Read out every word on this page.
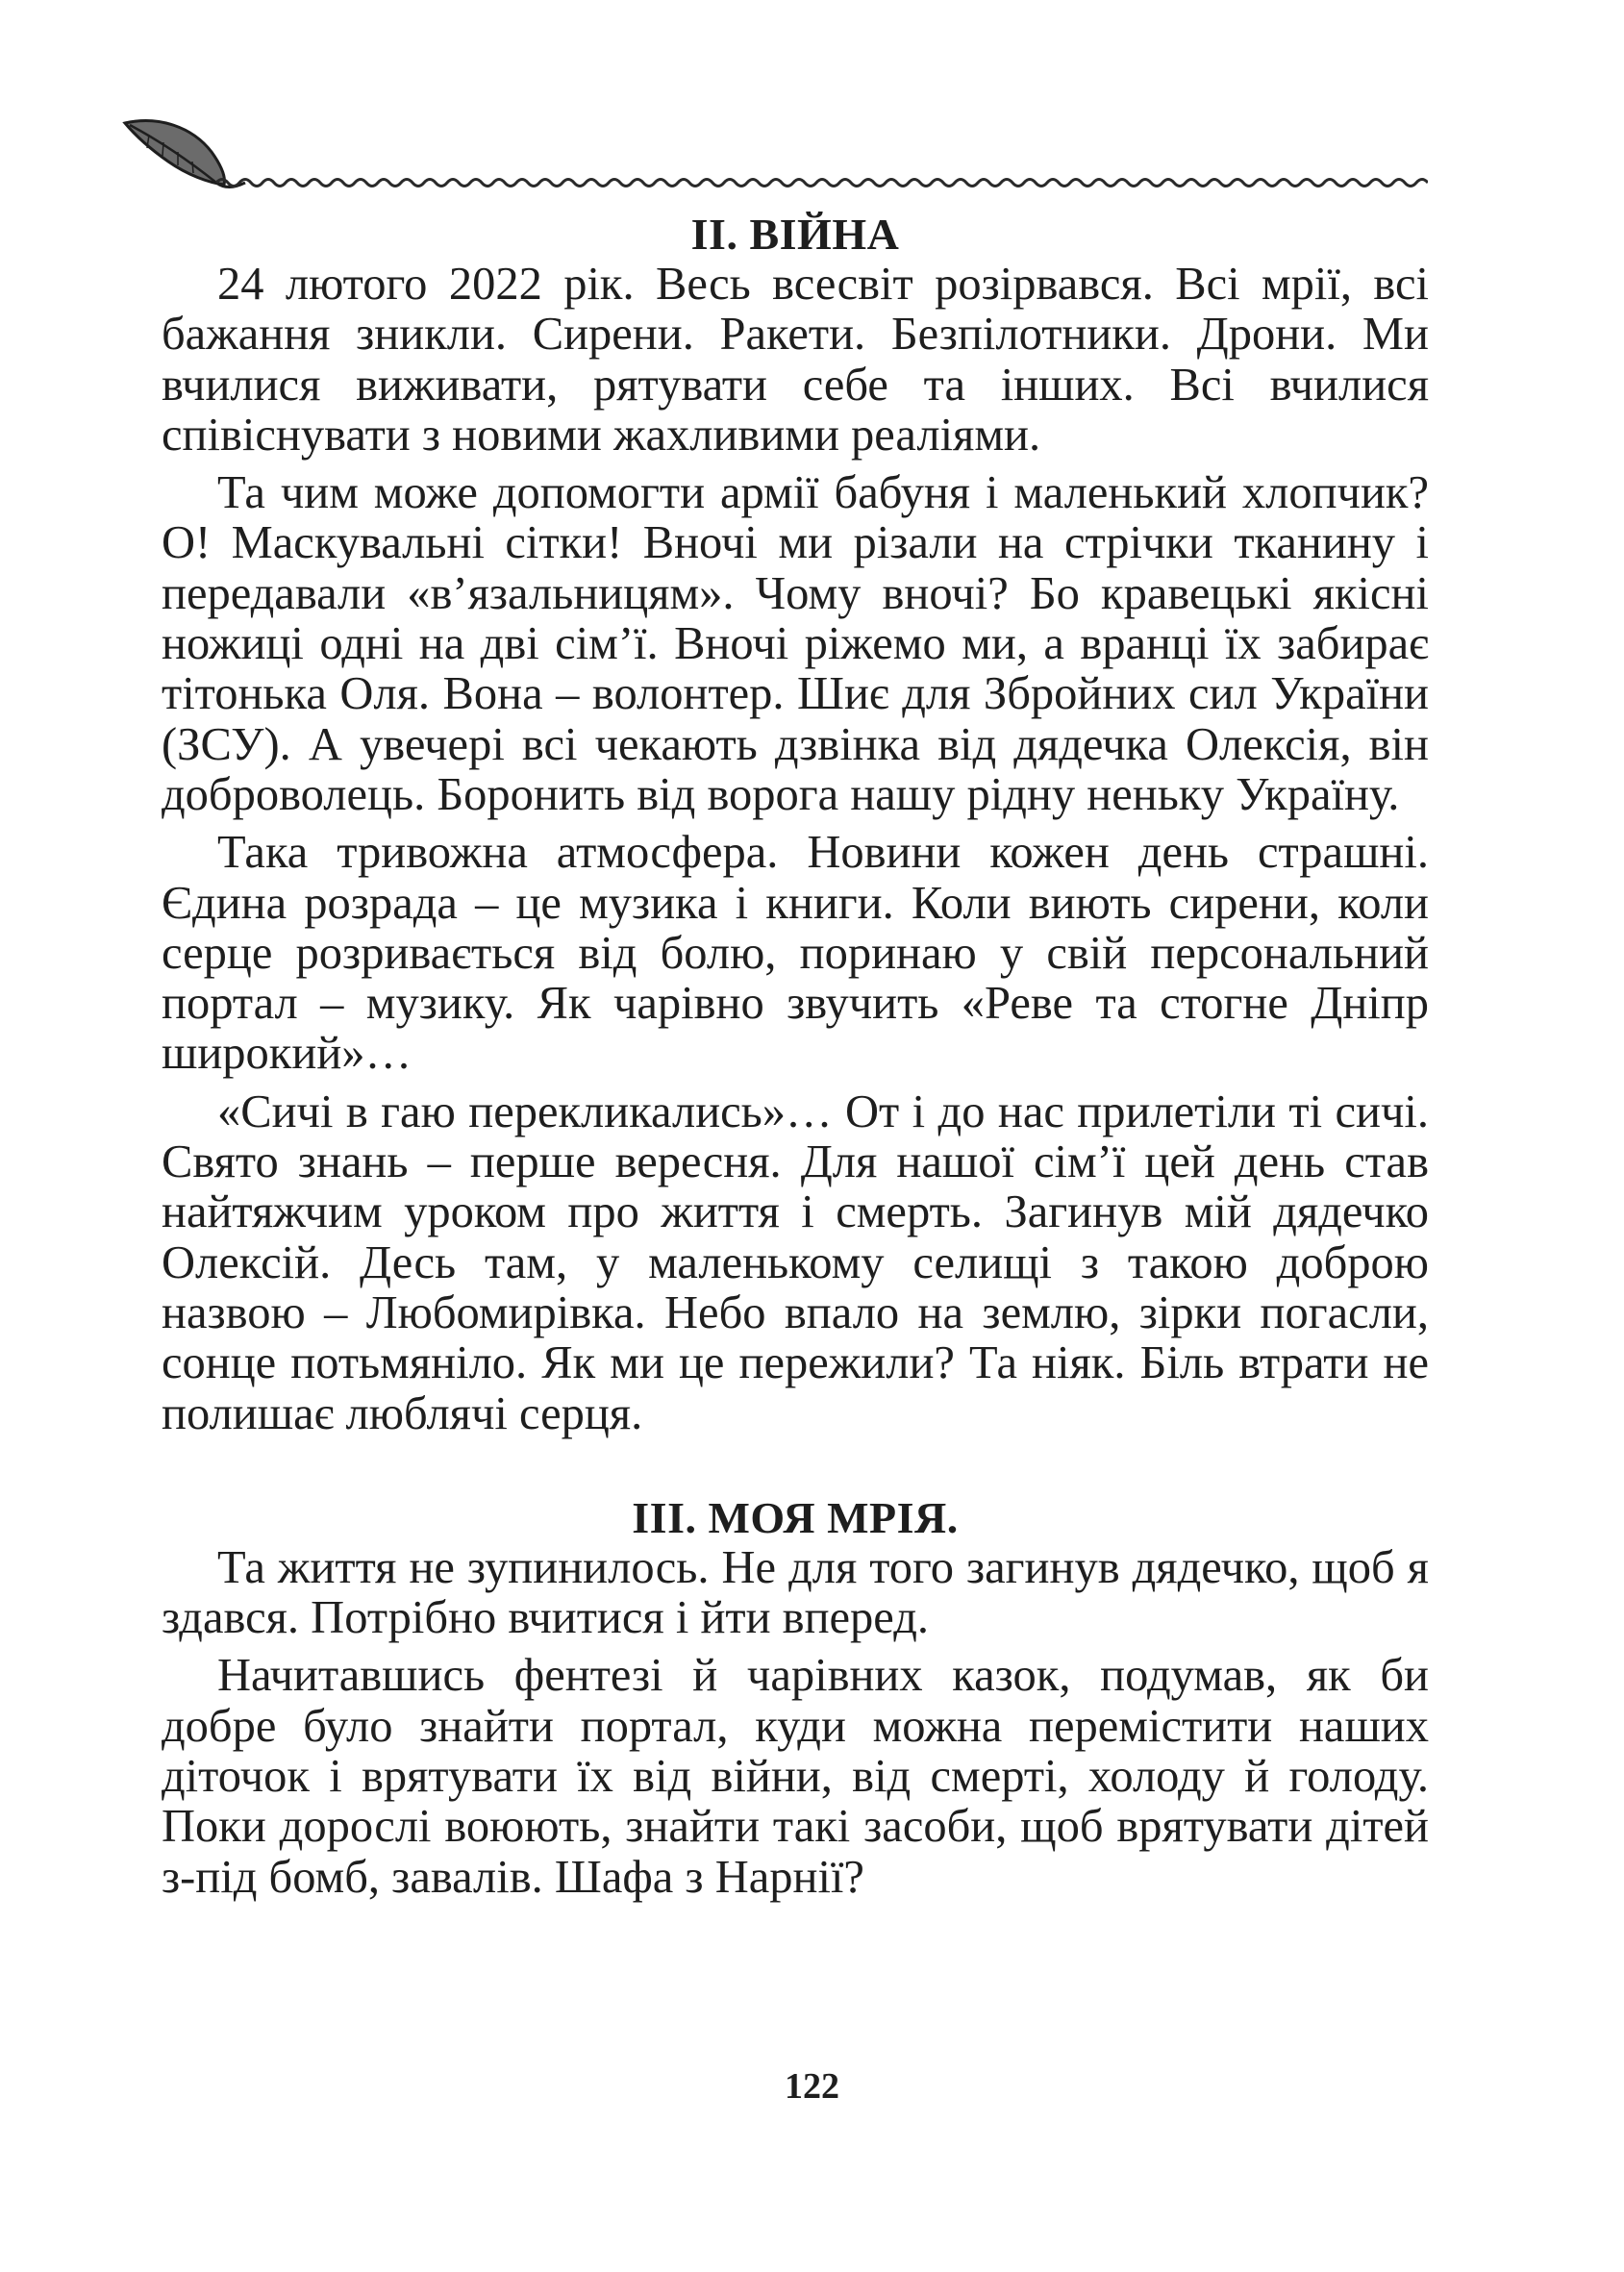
ІІ. ВІЙНА

24 лютого 2022 рік. Весь всесвіт розірвався. Всі мрії, всі бажання зникли. Сирени. Ракети. Безпілотники. Дрони. Ми вчилися виживати, рятувати себе та інших. Всі вчилися співіснувати з новими жахливими реаліями.

Та чим може допомогти армії бабуня і маленький хлопчик? О! Маскувальні сітки! Вночі ми різали на стрічки тканину і передавали «в’язальницям». Чому вночі? Бо кравецькі якісні ножиці одні на дві сім’ї. Вночі ріжемо ми, а вранці їх забирає тітонька Оля. Вона – волонтер. Шиє для Збройних сил України (ЗСУ). А увечері всі чекають дзвінка від дядечка Олексія, він доброволець. Боронить від ворога нашу рідну неньку Україну.

Така тривожна атмосфера. Новини кожен день страшні. Єдина розрада – це музика і книги. Коли виють сирени, коли серце розривається від болю, поринаю у свій персональний портал – музику. Як чарівно звучить «Реве та стогне Дніпр широкий»…

«Сичі в гаю перекликались»… От і до нас прилетіли ті сичі. Свято знань – перше вересня. Для нашої сім’ї цей день став найтяжчим уроком про життя і смерть. Загинув мій дядечко Олексій. Десь там, у маленькому селищі з такою доброю назвою – Любомирівка. Небо впало на землю, зірки погасли, сонце потьмяніло. Як ми це пережили? Та ніяк. Біль втрати не полишає люблячі серця.

ІІІ. МОЯ МРІЯ.

Та життя не зупинилось. Не для того загинув дядечко, щоб я здався. Потрібно вчитися і йти вперед.

Начитавшись фентезі й чарівних казок, подумав, як би добре було знайти портал, куди можна перемістити наших діточок і врятувати їх від війни, від смерті, холоду й голоду. Поки дорослі воюють, знайти такі засоби, щоб врятувати дітей з-під бомб, завалів. Шафа з Нарнії?

122
